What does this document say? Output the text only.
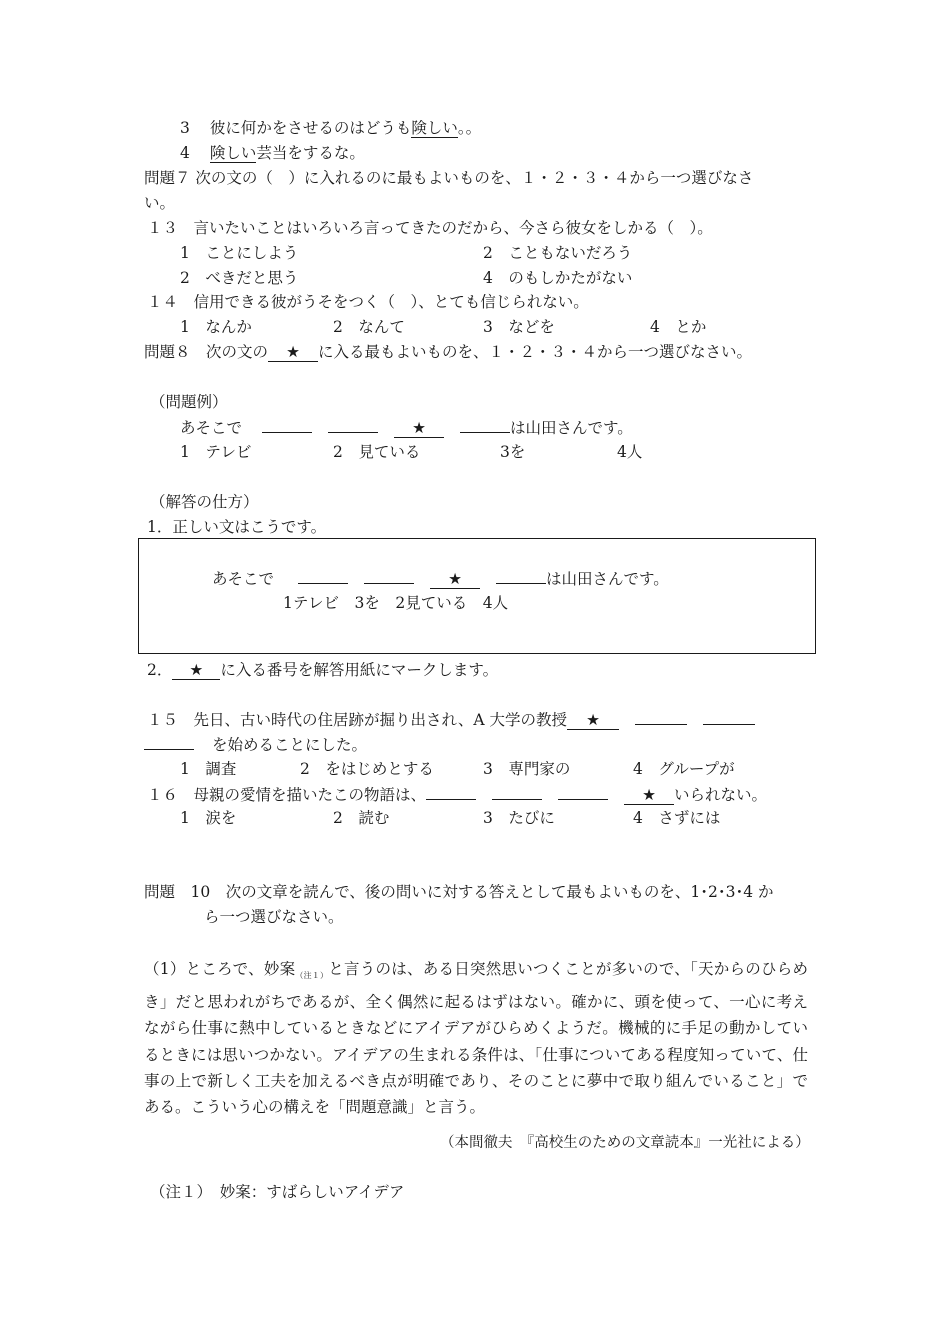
3 彼に何かをさせるのはどうも険しい。。
4 険しい芸当をするな。
問題７ 次の文の（　）に入れるのに最もよいものを、１・２・３・４から一つ選びなさ
い。
１３　言いたいことはいろいろ言ってきたのだから、今さら彼女をしかる（　）。
1　ことにしよう	2　こともないだろう
2　べきだと思う	4　のもしかたがない
１４　信用できる彼がうそをつく（　）、とても信じられない。
1　なんか	2　なんて	3　などを	4　とか
問題８　次の文の ★ に入る最もよいものを、１・２・３・４から一つ選びなさい。
（問題例）
あそこで	★	は山田さんです。
1　テレビ	2　見ている	3を	4人
（解答の仕方）
1．正しい文はこうです。
あそこで	★	は山田さんです。
1テレビ　3を　2見ている　4人
2． ★ に入る番号を解答用紙にマークします。
１５　先日、古い時代の住居跡が掘り出され、A 大学の教授 ★
を始めることにした。
1　調査	2　をはじめとする	3　専門家の	4　グループが
１６　母親の愛情を描いたこの物語は、	★ いられない。
1　涙を	2　読む	3　たびに	4　さずには
問題　10　次の文章を読んで、後の問いに対する答えとして最もよいものを、1･2･3･4 か
ら一つ選びなさい。
（1）ところで、妙案$_{(注1)}$と言うのは、ある日突然思いつくことが多いので、「天からのひらめき」だと思われがちであるが、全く偶然に起るはずはない。確かに、頭を使って、一心に考えながら仕事に熱中しているときなどにアイデアがひらめくようだ。機械的に手足の動かしているときには思いつかない。アイデアの生まれる条件は、「仕事についてある程度知っていて、仕事の上で新しく工夫を加えるべき点が明確であり、そのことに夢中で取り組んでいること」である。こういう心の構えを「問題意識」と言う。
（本間徹夫　『高校生のための文章読本』一光社による）
（注１）　妙案：すばらしいアイデア
